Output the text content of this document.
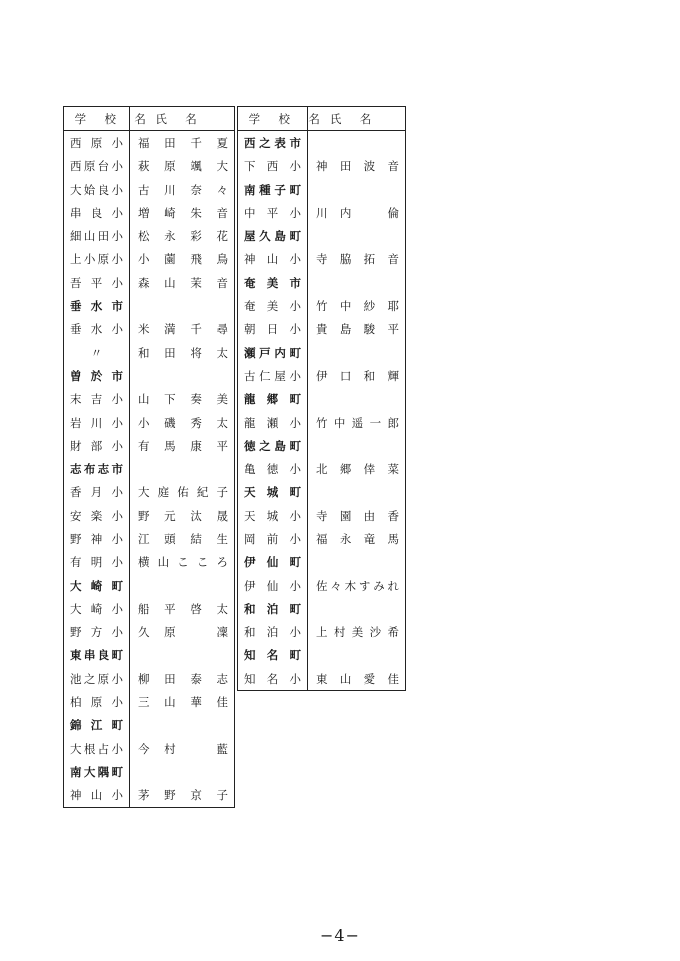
学校名	氏名
西原小	福田千夏
西原台小	萩原颯大
大姶良小	古川奈々
串良小	増崎朱音
細山田小	松永彩花
上小原小	小薗飛鳥
吾平小	森山茉音
垂水市	
垂水小	米満千尋
〃	和田将太
曽於市	
末吉小	山下奏美
岩川小	小磯秀太
財部小	有馬康平
志布志市	
香月小	大庭佑紀子
安楽小	野元汰晟
野神小	江頭結生
有明小	横山こころ
大崎町	
大崎小	船平啓太
野方小	久原　凜
東串良町	
池之原小	柳田泰志
柏原小	三山華佳
錦江町	
大根占小	今村　藍
南大隅町	
神山小	茅野京子
学校名	氏名
西之表市	
下西小	神田波音
南種子町	
中平小	川内　倫
屋久島町	
神山小	寺脇拓音
奄美市	
奄美小	竹中紗耶
朝日小	貴島駿平
瀬戸内町	
古仁屋小	伊口和輝
龍郷町	
龍瀬小	竹中遥一郎
徳之島町	
亀徳小	北郷倖菜
天城町	
天城小	寺園由香
岡前小	福永竜馬
伊仙町	
伊仙小	佐々木すみれ
和泊町	
和泊小	上村美沙希
知名町	
知名小	東山愛佳
−4−
